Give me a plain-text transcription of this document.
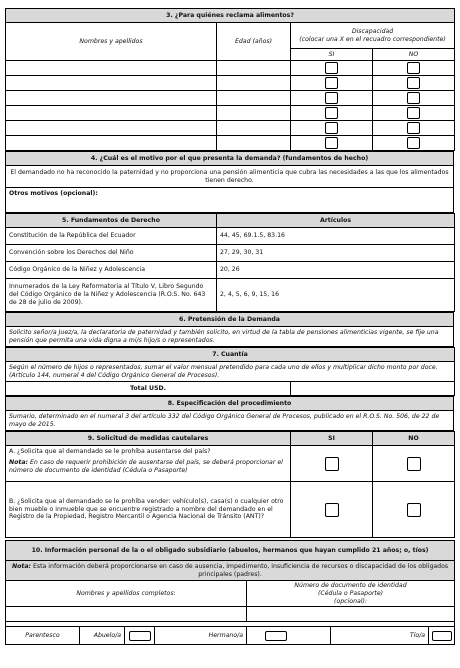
3. ¿Para quiénes reclama alimentos?			
Nombres y apellidos	Edad (años)	Discapacidad
(colocar una X en el recuadro correspondiente)	
		SI	NO

4. ¿Cuál es el motivo por el que presenta la demanda? (fundamentos de hecho)
El demandado no ha reconocido la paternidad y no proporciona una pensión alimenticia que cubra las necesidades a las que los alimentados tienen derecho.
Otros motivos (opcional):
5. Fundamentos de Derecho	Artículos
Constitución de la República del Ecuador	44, 45, 69.1.5, 83.16
Convención sobre los Derechos del Niño	27, 29, 30, 31
Código Orgánico de la Niñez y Adolescencia	20, 26
Innumerados de la Ley Reformatoria al Título V, Libro Segundo del Código Orgánico de la Niñez y Adolescencia (R.O.S. No. 643 de 28 de julio de 2009).	2, 4, 5, 6, 9, 15, 16
6. Pretensión de la Demanda
Solicito señor/a Juez/a, la declaratoria de paternidad y también solicito, en virtud de la tabla de pensiones alimenticias vigente, se fije una pensión que permita una vida digna a mi/s hijo/s o representados.
7. Cuantía
Según el número de hijos o representados, sumar el valor mensual pretendido para cada uno de ellos y multiplicar dicho monto por doce. (Artículo 144, numeral 4 del Código Orgánico General de Procesos).
Total USD.	
8. Especificación del procedimiento
Sumario, determinado en el numeral 3 del artículo 332 del Código Orgánico General de Procesos, publicado en el R.O.S. No. 506, de 22 de mayo de 2015.
9. Solicitud de medidas cautelares	SI	NO

A. ¿Solicita que al demandado se le prohíba ausentarse del país?
Nota: En caso de requerir prohibición de ausentarse del país, se deberá proporcionar el número de documento de identidad (Cédula o Pasaporte)		

B. ¿Solicita que al demandado se le prohíba vender: vehículo(s), casa(s) o cualquier otro bien mueble o inmueble que se encuentre registrado a nombre del demandado en el Registro de la Propiedad, Registro Mercantil o Agencia Nacional de Tránsito (ANT)?		
10. Información personal de la o el obligado subsidiario (abuelos, hermanos que hayan cumplido 21 años; o, tíos)							
Nota: Esta información deberá proporcionarse en caso de ausencia, impedimento, insuficiencia de recursos o discapacidad de los obligados principales (padres).							
Nombres y apellidos completos:				Número de documento de identidad
(Cédula o Pasaporte)
(opcional):			

Parentesco	Abuelo/a		Hermano/a			Tío/a	
